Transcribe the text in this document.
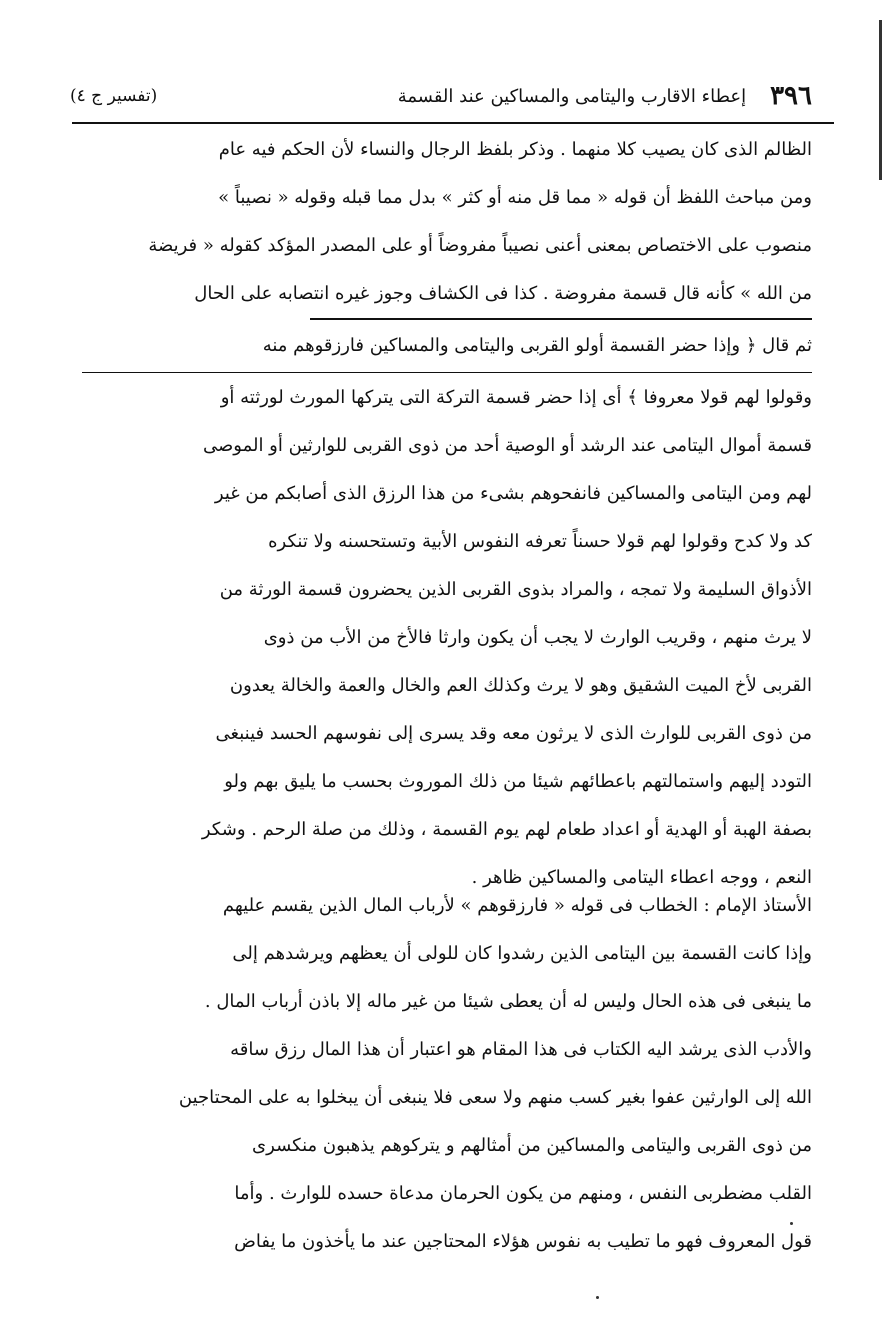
٣٩٦
إعطاء الاقارب واليتامى والمساكين عند القسمة
(تفسير ج ٤)
الظالم الذى كان يصيب كلا منهما . وذكر بلفظ الرجال والنساء لأن الحكم فيه عام
ومن مباحث اللفظ أن قوله « مما قل منه أو كثر » بدل مما قبله وقوله « نصيباً »
منصوب على الاختصاص بمعنى أعنى نصيباً مفروضاً أو على المصدر المؤكد كقوله « فريضة
من الله » كأنه قال قسمة مفروضة . كذا فى الكشاف وجوز غيره انتصابه على الحال
ثم قال ﴿ وإذا حضر القسمة أولو القربى واليتامى والمساكين فارزقوهم منه
وقولوا لهم قولا معروفا ﴾ أى إذا حضر قسمة التركة التى يتركها المورث لورثته أو
قسمة أموال اليتامى عند الرشد أو الوصية أحد من ذوى القربى للوارثين أو الموصى
لهم ومن اليتامى والمساكين فانفحوهم بشىء من هذا الرزق الذى أصابكم من غير
كد ولا كدح وقولوا لهم قولا حسناً تعرفه النفوس الأبية وتستحسنه ولا تنكره
الأذواق السليمة ولا تمجه ، والمراد بذوى القربى الذين يحضرون قسمة الورثة من
لا يرث منهم ، وقريب الوارث لا يجب أن يكون وارثا فالأخ من الأب من ذوى
القربى لأخ الميت الشقيق وهو لا يرث وكذلك العم والخال والعمة والخالة يعدون
من ذوى القربى للوارث الذى لا يرثون معه وقد يسرى إلى نفوسهم الحسد فينبغى
التودد إليهم واستمالتهم باعطائهم شيئا من ذلك الموروث بحسب ما يليق بهم ولو
بصفة الهبة أو الهدية أو اعداد طعام لهم يوم القسمة ، وذلك من صلة الرحم . وشكر
النعم ، ووجه اعطاء اليتامى والمساكين ظاهر .
الأستاذ الإمام : الخطاب فى قوله « فارزقوهم » لأرباب المال الذين يقسم عليهم
وإذا كانت القسمة بين اليتامى الذين رشدوا كان للولى أن يعظهم ويرشدهم إلى
ما ينبغى فى هذه الحال وليس له أن يعطى شيئا من غير ماله إلا باذن أرباب المال .
والأدب الذى يرشد اليه الكتاب فى هذا المقام هو اعتبار أن هذا المال رزق ساقه
الله إلى الوارثين عفوا بغير كسب منهم ولا سعى فلا ينبغى أن يبخلوا به على المحتاجين
من ذوى القربى واليتامى والمساكين من أمثالهم و يتركوهم يذهبون منكسرى
القلب مضطربى النفس ، ومنهم من يكون الحرمان مدعاة حسده للوارث . وأما
قول المعروف فهو ما تطيب به نفوس هؤلاء المحتاجين عند ما يأخذون ما يفاض
